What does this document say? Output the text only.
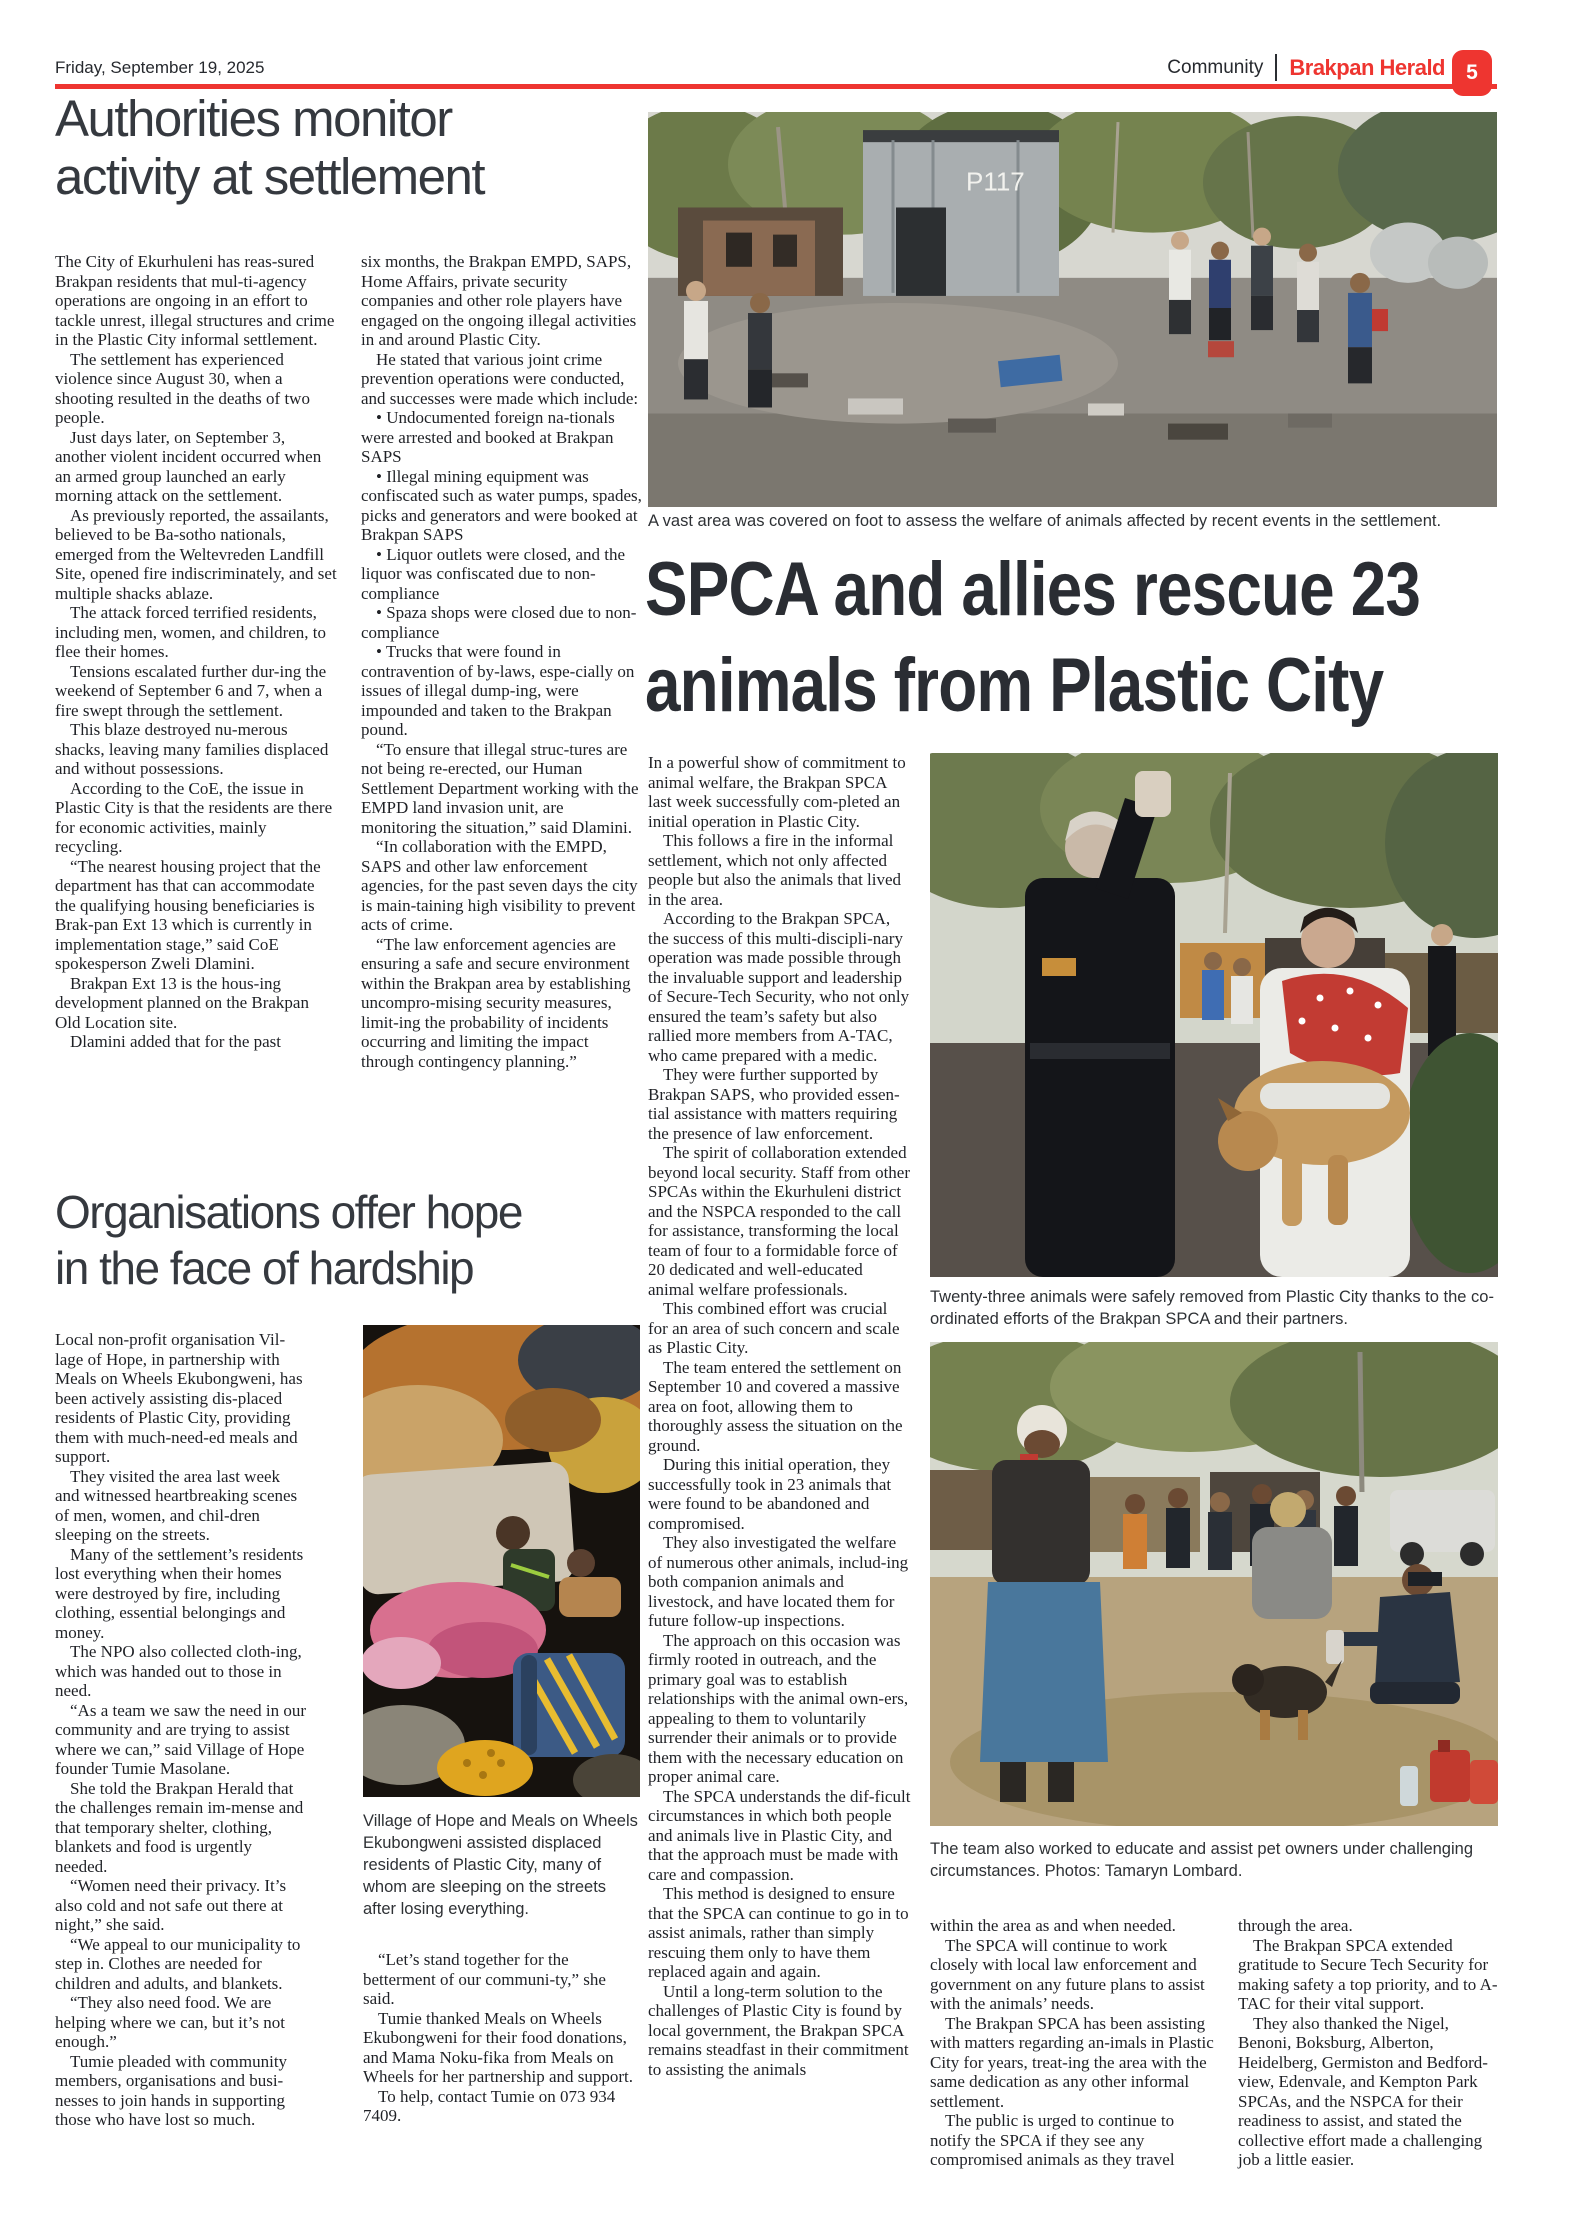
Friday, September 19, 2025	Community Brakpan Herald	5
Authorities monitor
activity at settlement

The City of Ekurhuleni has reas-sured Brakpan residents that mul-ti-agency operations are ongoing in an effort to tackle unrest, illegal structures and crime in the Plastic City informal settlement.

The settlement has experienced violence since August 30, when a shooting resulted in the deaths of two people.

Just days later, on September 3, another violent incident occurred when an armed group launched an early morning attack on the settlement.

As previously reported, the assailants, believed to be Ba-sotho nationals, emerged from the Weltevreden Landfill Site, opened fire indiscriminately, and set multiple shacks ablaze.

The attack forced terrified residents, including men, women, and children, to flee their homes.

Tensions escalated further dur-ing the weekend of September 6 and 7, when a fire swept through the settlement.

This blaze destroyed nu-merous shacks, leaving many families displaced and without possessions.

According to the CoE, the issue in Plastic City is that the residents are there for economic activities, mainly recycling.

“The nearest housing project that the department has that can accommodate the qualifying housing beneficiaries is Brak-pan Ext 13 which is currently in implementation stage,” said CoE spokesperson Zweli Dlamini.

Brakpan Ext 13 is the hous-ing development planned on the Brakpan Old Location site.

Dlamini added that for the past

six months, the Brakpan EMPD, SAPS, Home Affairs, private security companies and other role players have engaged on the ongoing illegal activities in and around Plastic City.

He stated that various joint crime prevention operations were conducted, and successes were made which include:

• Undocumented foreign na-tionals were arrested and booked at Brakpan SAPS

• Illegal mining equipment was confiscated such as water pumps, spades, picks and generators and were booked at Brakpan SAPS

• Liquor outlets were closed, and the liquor was confiscated due to non-compliance

• Spaza shops were closed due to non-compliance

• Trucks that were found in contravention of by-laws, espe-cially on issues of illegal dump-ing, were impounded and taken to the Brakpan pound.

“To ensure that illegal struc-tures are not being re-erected, our Human Settlement Department working with the EMPD land invasion unit, are monitoring the situation,” said Dlamini.

“In collaboration with the EMPD, SAPS and other law enforcement agencies, for the past seven days the city is main-taining high visibility to prevent acts of crime.

“The law enforcement agencies are ensuring a safe and secure environment within the Brakpan area by establishing uncompro-mising security measures, limit-ing the probability of incidents occurring and limiting the impact through contingency planning.”

P117
A vast area was covered on foot to assess the welfare of animals affected by recent events in the settlement.
SPCA and allies rescue 23
animals from Plastic City

In a powerful show of commitment to animal welfare, the Brakpan SPCA last week successfully com-pleted an initial operation in Plastic City.

This follows a fire in the informal settlement, which not only affected people but also the animals that lived in the area.

According to the Brakpan SPCA, the success of this multi-discipli-nary operation was made possible through the invaluable support and leadership of Secure-Tech Security, who not only ensured the team’s safety but also rallied more members from A-TAC, who came prepared with a medic.

They were further supported by Brakpan SAPS, who provided essen-tial assistance with matters requiring the presence of law enforcement.

The spirit of collaboration extended beyond local security. Staff from other SPCAs within the Ekurhuleni district and the NSPCA responded to the call for assistance, transforming the local team of four to a formidable force of 20 dedicated and well-educated animal welfare professionals.

This combined effort was crucial for an area of such concern and scale as Plastic City.

The team entered the settlement on September 10 and covered a massive area on foot, allowing them to thoroughly assess the situation on the ground.

During this initial operation, they successfully took in 23 animals that were found to be abandoned and compromised.

They also investigated the welfare of numerous other animals, includ-ing both companion animals and livestock, and have located them for future follow-up inspections.

The approach on this occasion was firmly rooted in outreach, and the primary goal was to establish relationships with the animal own-ers, appealing to them to voluntarily surrender their animals or to provide them with the necessary education on proper animal care.

The SPCA understands the dif-ficult circumstances in which both people and animals live in Plastic City, and that the approach must be made with care and compassion.

This method is designed to ensure that the SPCA can continue to go in to assist animals, rather than simply rescuing them only to have them replaced again and again.

Until a long-term solution to the challenges of Plastic City is found by local government, the Brakpan SPCA remains steadfast in their commitment to assisting the animals

Twenty-three animals were safely removed from Plastic City thanks to the co-ordinated efforts of the Brakpan SPCA and their partners.
The team also worked to educate and assist pet owners under challenging circumstances. Photos: Tamaryn Lombard.

within the area as and when needed.

The SPCA will continue to work closely with local law enforcement and government on any future plans to assist with the animals’ needs.

The Brakpan SPCA has been assisting with matters regarding an-imals in Plastic City for years, treat-ing the area with the same dedication as any other informal settlement.

The public is urged to continue to notify the SPCA if they see any compromised animals as they travel

through the area.

The Brakpan SPCA extended gratitude to Secure Tech Security for making safety a top priority, and to A-TAC for their vital support.

They also thanked the Nigel, Benoni, Boksburg, Alberton, Heidelberg, Germiston and Bedford-view, Edenvale, and Kempton Park SPCAs, and the NSPCA for their readiness to assist, and stated the collective effort made a challenging job a little easier.

Organisations offer hope
in the face of hardship

Local non-profit organisation Vil-lage of Hope, in partnership with Meals on Wheels Ekubongweni, has been actively assisting dis-placed residents of Plastic City, providing them with much-need-ed meals and support.

They visited the area last week and witnessed heartbreaking scenes of men, women, and chil-dren sleeping on the streets.

Many of the settlement’s residents lost everything when their homes were destroyed by fire, including clothing, essential belongings and money.

The NPO also collected cloth-ing, which was handed out to those in need.

“As a team we saw the need in our community and are trying to assist where we can,” said Village of Hope founder Tumie Masolane.

She told the Brakpan Herald that the challenges remain im-mense and that temporary shelter, clothing, blankets and food is urgently needed.

“Women need their privacy. It’s also cold and not safe out there at night,” she said.

“We appeal to our municipality to step in. Clothes are needed for children and adults, and blankets.

“They also need food. We are helping where we can, but it’s not enough.”

Tumie pleaded with community members, organisations and busi-nesses to join hands in supporting those who have lost so much.

Village of Hope and Meals on Wheels Ekubongweni assisted displaced residents of Plastic City, many of whom are sleeping on the streets after losing everything.

“Let’s stand together for the betterment of our communi-ty,” she said.

Tumie thanked Meals on Wheels Ekubongweni for their food donations, and Mama Noku-fika from Meals on Wheels for her partnership and support.

To help, contact Tumie on 073 934 7409.
